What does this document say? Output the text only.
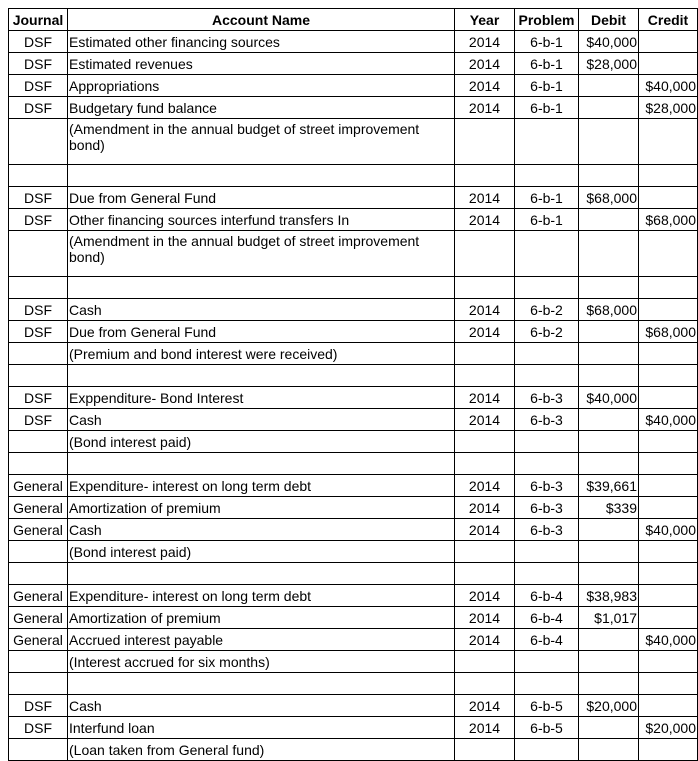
Journal	Account Name	Year	Problem	Debit	Credit
DSF	Estimated other financing sources	2014	6-b-1	$40,000	
DSF	Estimated revenues	2014	6-b-1	$28,000	
DSF	Appropriations	2014	6-b-1		$40,000
DSF	Budgetary fund balance	2014	6-b-1		$28,000
	(Amendment in the annual budget of street improvement bond)				

DSF	Due from General Fund	2014	6-b-1	$68,000	
DSF	Other financing sources interfund transfers In	2014	6-b-1		$68,000
	(Amendment in the annual budget of street improvement bond)				

DSF	Cash	2014	6-b-2	$68,000	
DSF	Due from General Fund	2014	6-b-2		$68,000
	(Premium and bond interest were received)				

DSF	Exppenditure- Bond Interest	2014	6-b-3	$40,000	
DSF	Cash	2014	6-b-3		$40,000
	(Bond interest paid)				

General	Expenditure- interest on long term debt	2014	6-b-3	$39,661	
General	Amortization of premium	2014	6-b-3	$339	
General	Cash	2014	6-b-3		$40,000
	(Bond interest paid)				

General	Expenditure- interest on long term debt	2014	6-b-4	$38,983	
General	Amortization of premium	2014	6-b-4	$1,017	
General	Accrued interest payable	2014	6-b-4		$40,000
	(Interest accrued for six months)				

DSF	Cash	2014	6-b-5	$20,000	
DSF	Interfund loan	2014	6-b-5		$20,000
	(Loan taken from General fund)				
